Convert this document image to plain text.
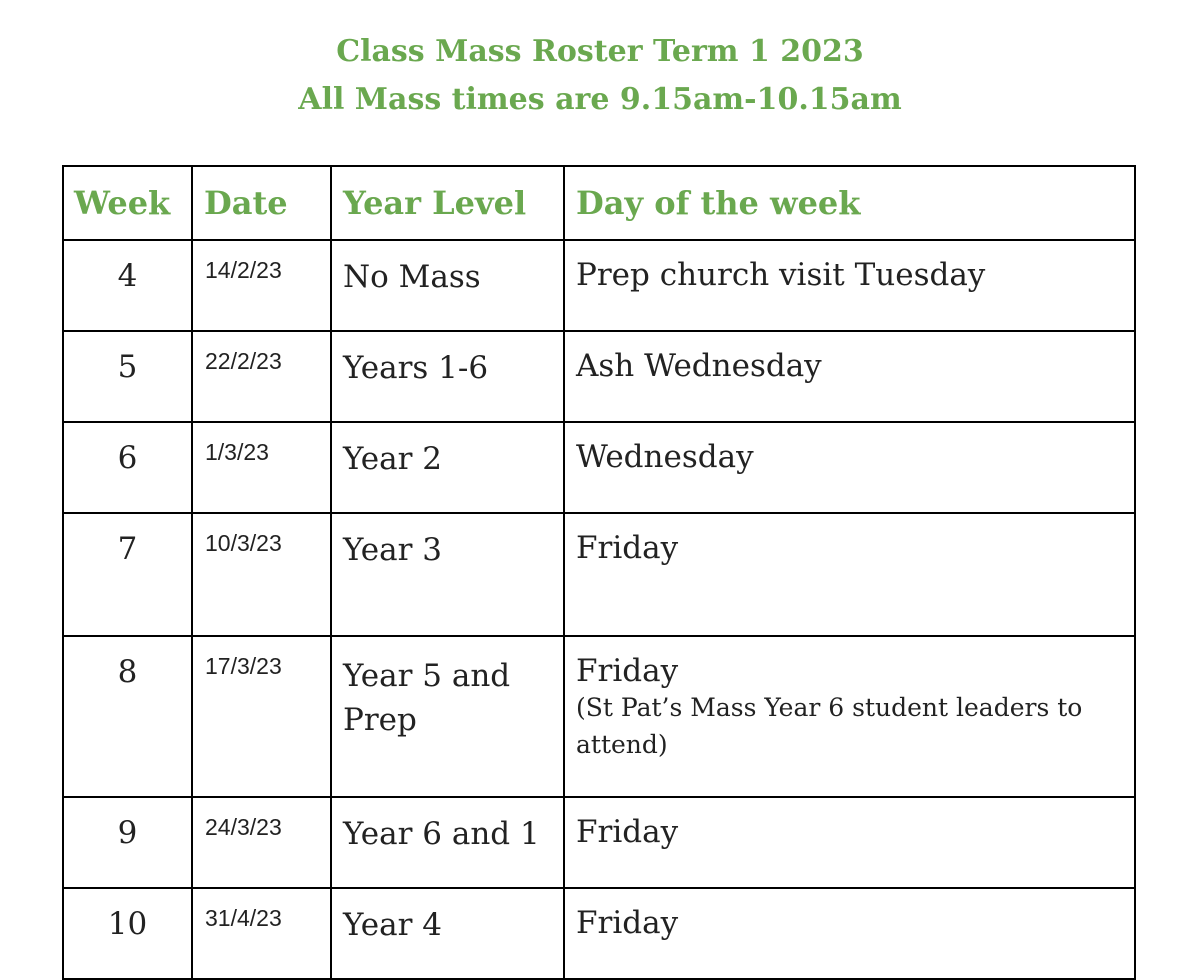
Class Mass Roster Term 1 2023
All Mass times are 9.15am-10.15am
Week	Date	Year Level	Day of the week
4	14/2/23	No Mass	Prep church visit Tuesday
5	22/2/23	Years 1-6	Ash Wednesday
6	1/3/23	Year 2	Wednesday
7	10/3/23	Year 3	Friday
8	17/3/23	Year 5 and Prep	Friday
(St Pat’s Mass Year 6 student leaders to attend)

9	24/3/23	Year 6 and 1	Friday
10	31/4/23	Year 4	Friday
